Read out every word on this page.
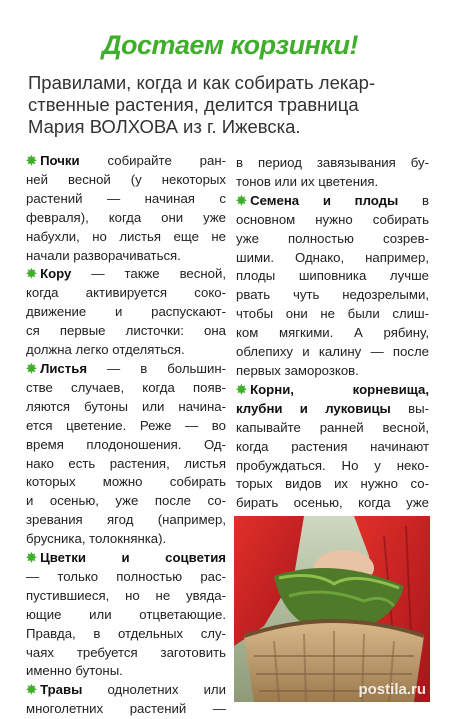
Достаем корзинки!
Правилами, когда и как собирать лекар-
ственные растения, делится травница
Мария ВОЛХОВА из г. Ижевска.
✸ Почки собирайте ран-
ней весной (у некоторых
растений — начиная с
февраля), когда они уже
набухли, но листья еще не
начали разворачиваться.
✸ Кору — также весной,
когда активируется соко-
движение и распускают-
ся первые листочки: она
должна легко отделяться.
✸ Листья — в большин-
стве случаев, когда появ-
ляются бутоны или начина-
ется цветение. Реже — во
время плодоношения. Од-
нако есть растения, листья
которых можно собирать
и осенью, уже после со-
зревания ягод (например,
брусника, толокнянка).
✸ Цветки и соцветия
— только полностью рас-
пустившиеся, но не увяда-
ющие или отцветающие.
Правда, в отдельных слу-
чаях требуется заготовить
именно бутоны.
✸ Травы однолетних или
многолетних растений —
в период завязывания бу-
тонов или их цветения.
✸ Семена и плоды в
основном нужно собирать
уже полностью созрев-
шими. Однако, например,
плоды шиповника лучше
рвать чуть недозрелыми,
чтобы они не были слиш-
ком мягкими. А рябину,
облепиху и калину — после
первых заморозков.
✸ Корни, корневища,
клубни и луковицы вы-
капывайте ранней весной,
когда растения начинают
пробуждаться. Но у неко-
торых видов их нужно со-
бирать осенью, когда уже
postila.ru
